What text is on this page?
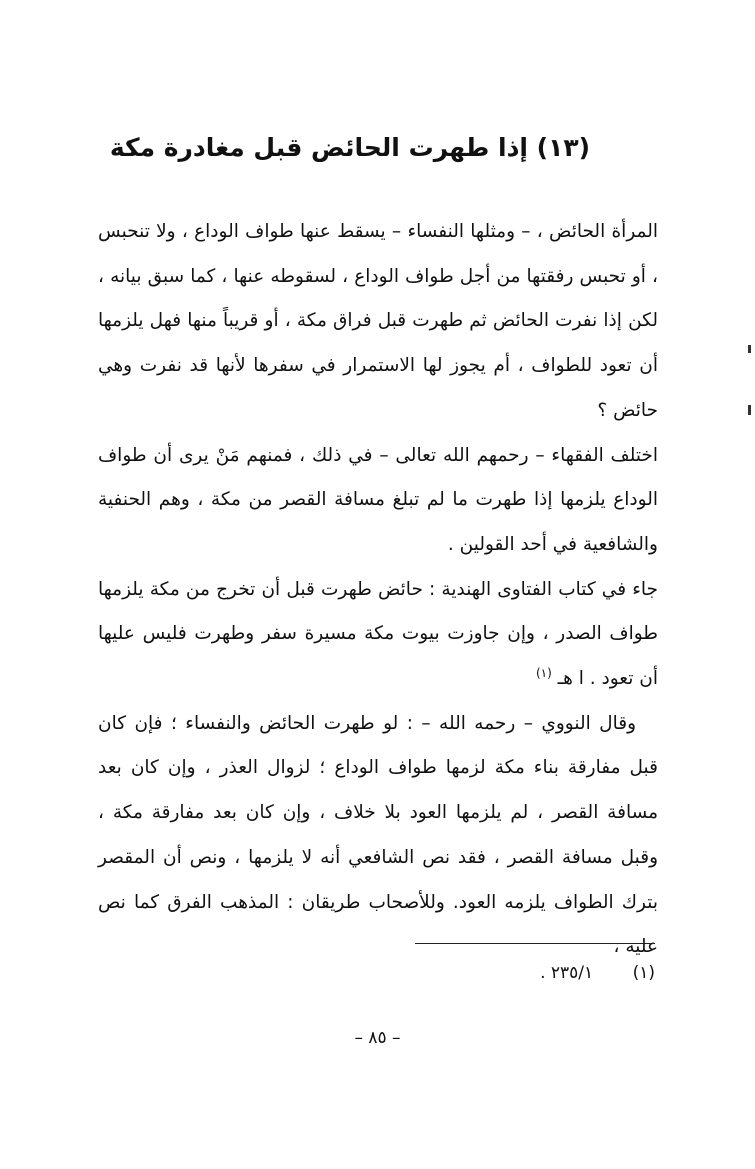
(١٣) إذا طهرت الحائض قبل مغادرة مكة

المرأة الحائض ، – ومثلها النفساء – يسقط عنها طواف الوداع ، ولا تنحبس ، أو تحبس رفقتها من أجل طواف الوداع ، لسقوطه عنها ، كما سبق بيانه ، لكن إذا نفرت الحائض ثم طهرت قبل فراق مكة ، أو قريباً منها فهل يلزمها أن تعود للطواف ، أم يجوز لها الاستمرار في سفرها لأنها قد نفرت وهي حائض ؟

اختلف الفقهاء – رحمهم الله تعالى – في ذلك ، فمنهم مَنْ يرى أن طواف الوداع يلزمها إذا طهرت ما لم تبلغ مسافة القصر من مكة ، وهم الحنفية والشافعية في أحد القولين .

جاء في كتاب الفتاوى الهندية : حائض طهرت قبل أن تخرج من مكة يلزمها طواف الصدر ، وإن جاوزت بيوت مكة مسيرة سفر وطهرت فليس عليها أن تعود . ا هـ $^{(١)}$

وقال النووي – رحمه الله – : لو طهرت الحائض والنفساء ؛ فإن كان قبل مفارقة بناء مكة لزمها طواف الوداع ؛ لزوال العذر ، وإن كان بعد مسافة القصر ، لم يلزمها العود بلا خلاف ، وإن كان بعد مفارقة مكة ، وقبل مسافة القصر ، فقد نص الشافعي أنه لا يلزمها ، ونص أن المقصر بترك الطواف يلزمه العود. وللأصحاب طريقان : المذهب الفرق كما نص عليه ،

(١) ٢٣٥/١ .
– ٨٥ –
